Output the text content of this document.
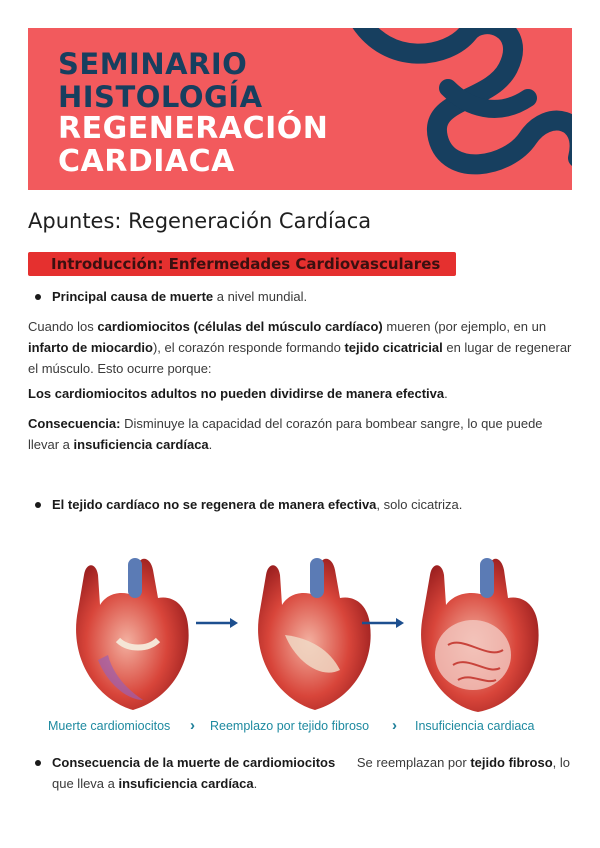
SEMINARIO
HISTOLOGÍA
REGENERACIÓN
CARDIACA
Apuntes: Regeneración Cardíaca
Introducción: Enfermedades Cardiovasculares
Principal causa de muerte a nivel mundial.
Cuando los cardiomiocitos (células del músculo cardíaco) mueren (por ejemplo, en un infarto de miocardio), el corazón responde formando tejido cicatricial en lugar de regenerar el músculo. Esto ocurre porque:
Los cardiomiocitos adultos no pueden dividirse de manera efectiva.
Consecuencia: Disminuye la capacidad del corazón para bombear sangre, lo que puede llevar a insuficiencia cardíaca.
El tejido cardíaco no se regenera de manera efectiva, solo cicatriza.
Muerte cardiomiocitos › Reemplazo por tejido fibroso › Insuficiencia cardiaca
Consecuencia de la muerte de cardiomiocitos      Se reemplazan por tejido fibroso, lo que lleva a insuficiencia cardíaca.
